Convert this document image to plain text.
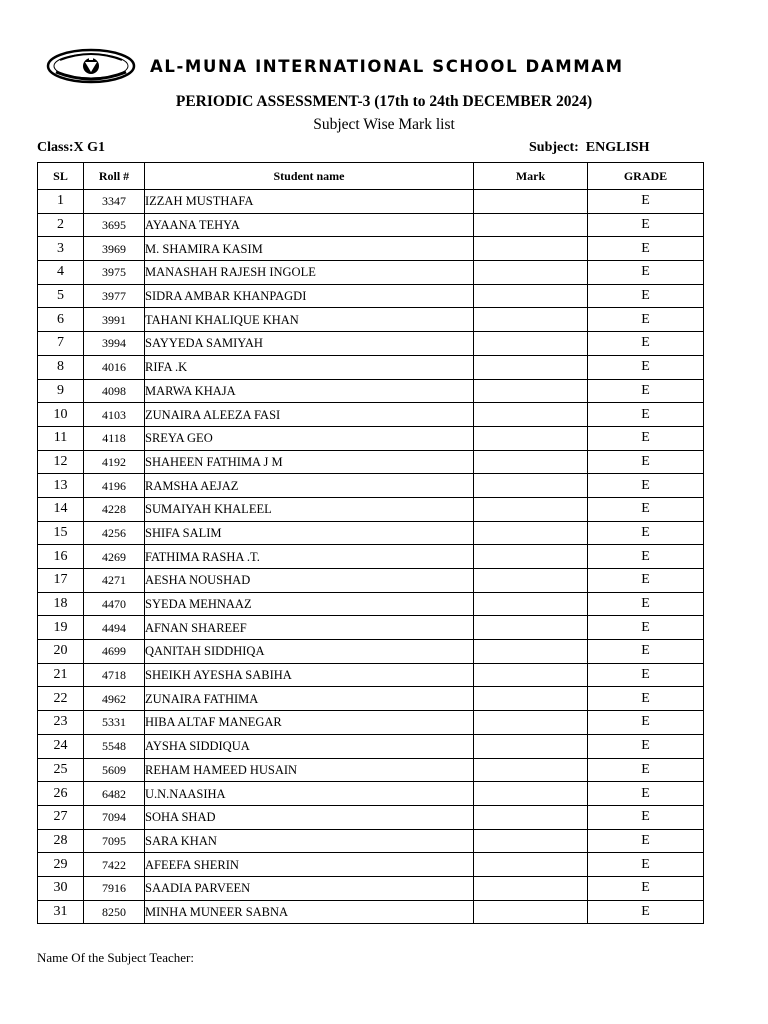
AL-MUNA INTERNATIONAL SCHOOL DAMMAM
PERIODIC ASSESSMENT-3 (17th to 24th DECEMBER 2024)
Subject Wise Mark list
Class:X G1	Subject:  ENGLISH
SL	Roll #	Student name	Mark	GRADE
1	3347	IZZAH MUSTHAFA		E
2	3695	AYAANA TEHYA		E
3	3969	M. SHAMIRA KASIM		E
4	3975	MANASHAH RAJESH INGOLE		E
5	3977	SIDRA AMBAR KHANPAGDI		E
6	3991	TAHANI KHALIQUE KHAN		E
7	3994	SAYYEDA SAMIYAH		E
8	4016	RIFA .K		E
9	4098	MARWA KHAJA		E
10	4103	ZUNAIRA ALEEZA FASI		E
11	4118	SREYA GEO		E
12	4192	SHAHEEN FATHIMA J M		E
13	4196	RAMSHA AEJAZ		E
14	4228	SUMAIYAH KHALEEL		E
15	4256	SHIFA SALIM		E
16	4269	FATHIMA RASHA .T.		E
17	4271	AESHA NOUSHAD		E
18	4470	SYEDA MEHNAAZ		E
19	4494	AFNAN SHAREEF		E
20	4699	QANITAH SIDDHIQA		E
21	4718	SHEIKH AYESHA SABIHA		E
22	4962	ZUNAIRA FATHIMA		E
23	5331	HIBA ALTAF MANEGAR		E
24	5548	AYSHA SIDDIQUA		E
25	5609	REHAM HAMEED HUSAIN		E
26	6482	U.N.NAASIHA		E
27	7094	SOHA SHAD		E
28	7095	SARA KHAN		E
29	7422	AFEEFA SHERIN		E
30	7916	SAADIA PARVEEN		E
31	8250	MINHA MUNEER SABNA		E
Name Of the Subject Teacher:
